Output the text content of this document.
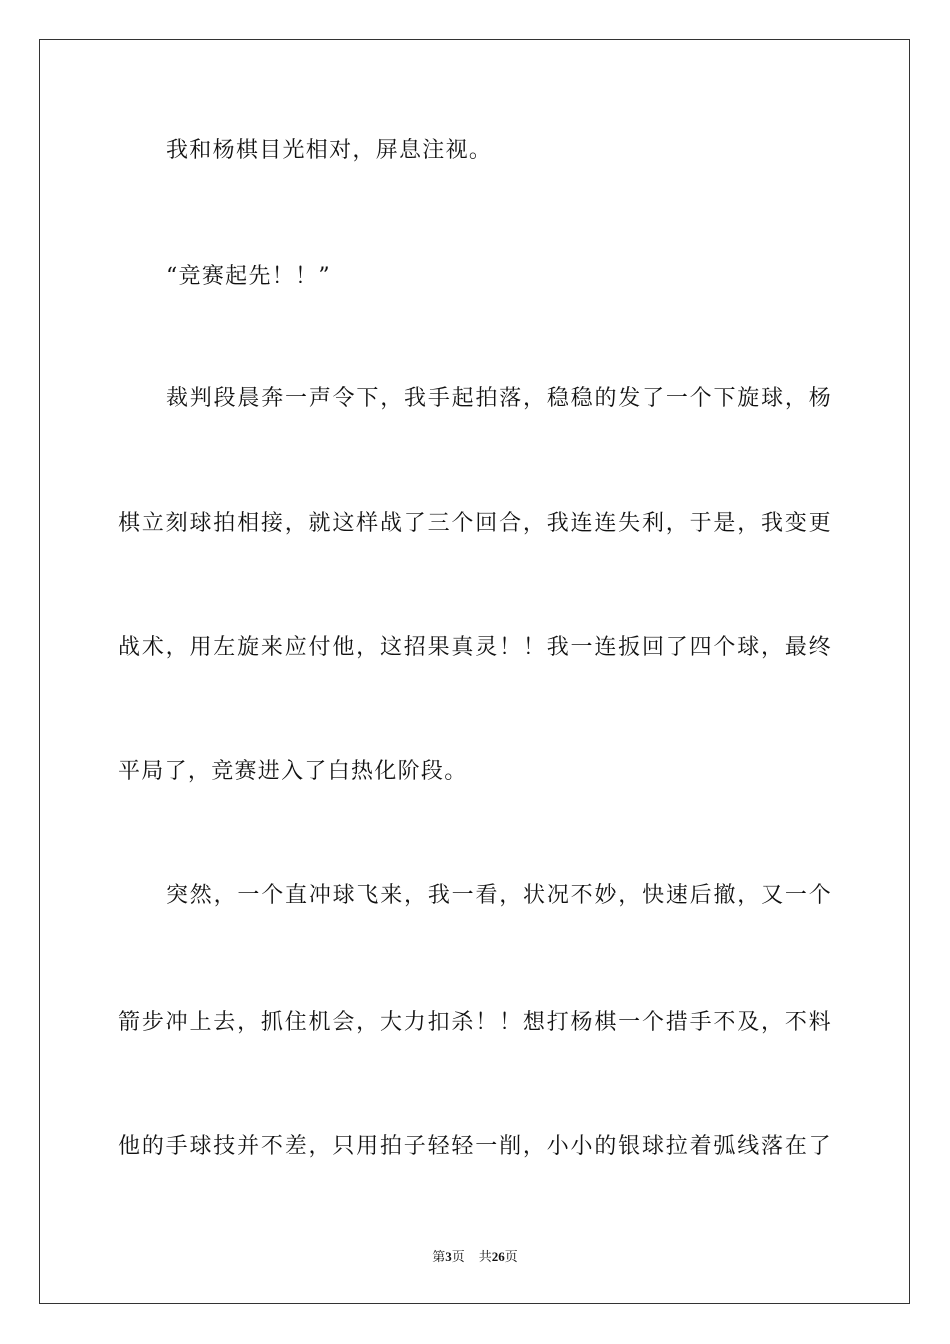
我和杨棋目光相对，屏息注视。
“竞赛起先！！”
裁判段晨奔一声令下，我手起拍落，稳稳的发了一个下旋球，杨
棋立刻球拍相接，就这样战了三个回合，我连连失利，于是，我变更
战术，用左旋来应付他，这招果真灵！！我一连扳回了四个球，最终
平局了，竞赛进入了白热化阶段。
突然，一个直冲球飞来，我一看，状况不妙，快速后撤，又一个
箭步冲上去，抓住机会，大力扣杀！！想打杨棋一个措手不及，不料
他的手球技并不差，只用拍子轻轻一削，小小的银球拉着弧线落在了
第3页 共26页
